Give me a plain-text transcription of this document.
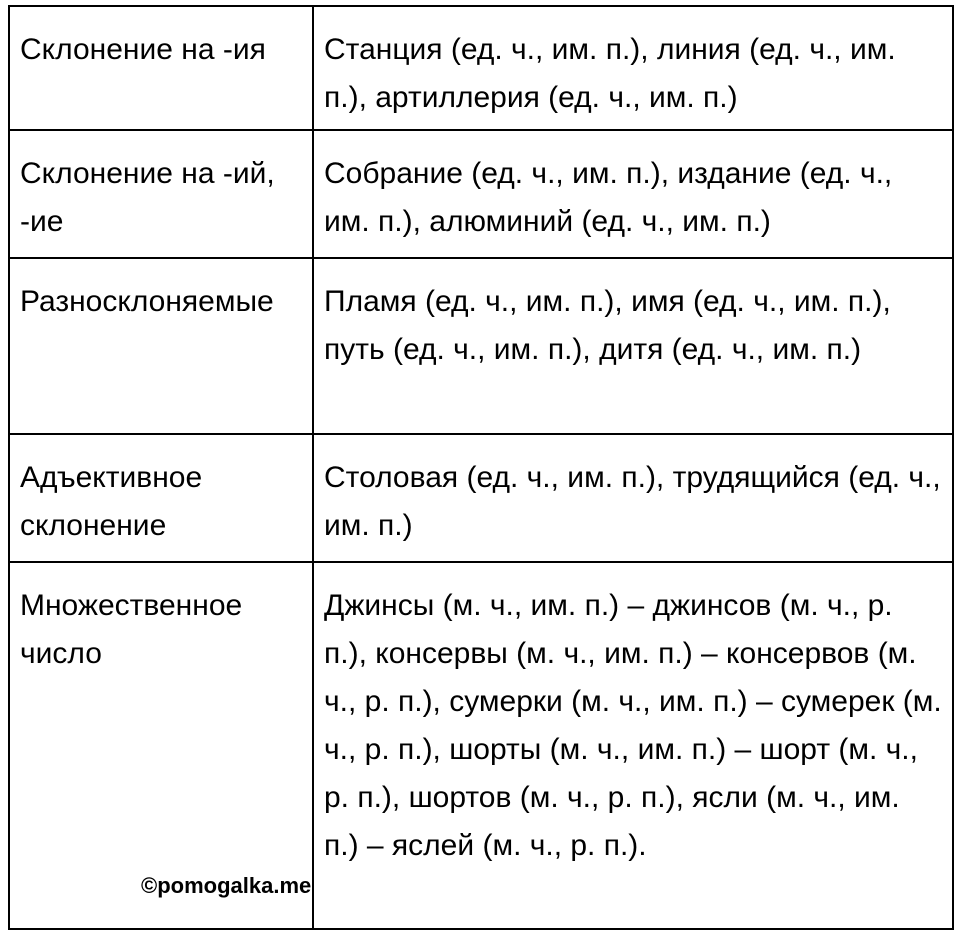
Склонение на -ия	Станция (ед. ч., им. п.), линия (ед. ч., им. п.), артиллерия (ед. ч., им. п.)
Склонение на -ий, -ие	Собрание (ед. ч., им. п.), издание (ед. ч., им. п.), алюминий (ед. ч., им. п.)
Разносклоняемые	Пламя (ед. ч., им. п.), имя (ед. ч., им. п.), путь (ед. ч., им. п.), дитя (ед. ч., им. п.)
Адъективное склонение	Столовая (ед. ч., им. п.), трудящийся (ед. ч., им. п.)
Множественное число	Джинсы (м. ч., им. п.) – джинсов (м. ч., р. п.), консервы (м. ч., им. п.) – консервов (м. ч., р. п.), сумерки (м. ч., им. п.) – сумерек (м. ч., р. п.), шорты (м. ч., им. п.) – шорт (м. ч., р. п.), шортов (м. ч., р. п.), ясли (м. ч., им. п.) – яслей (м. ч., р. п.).
©pomogalka.me
